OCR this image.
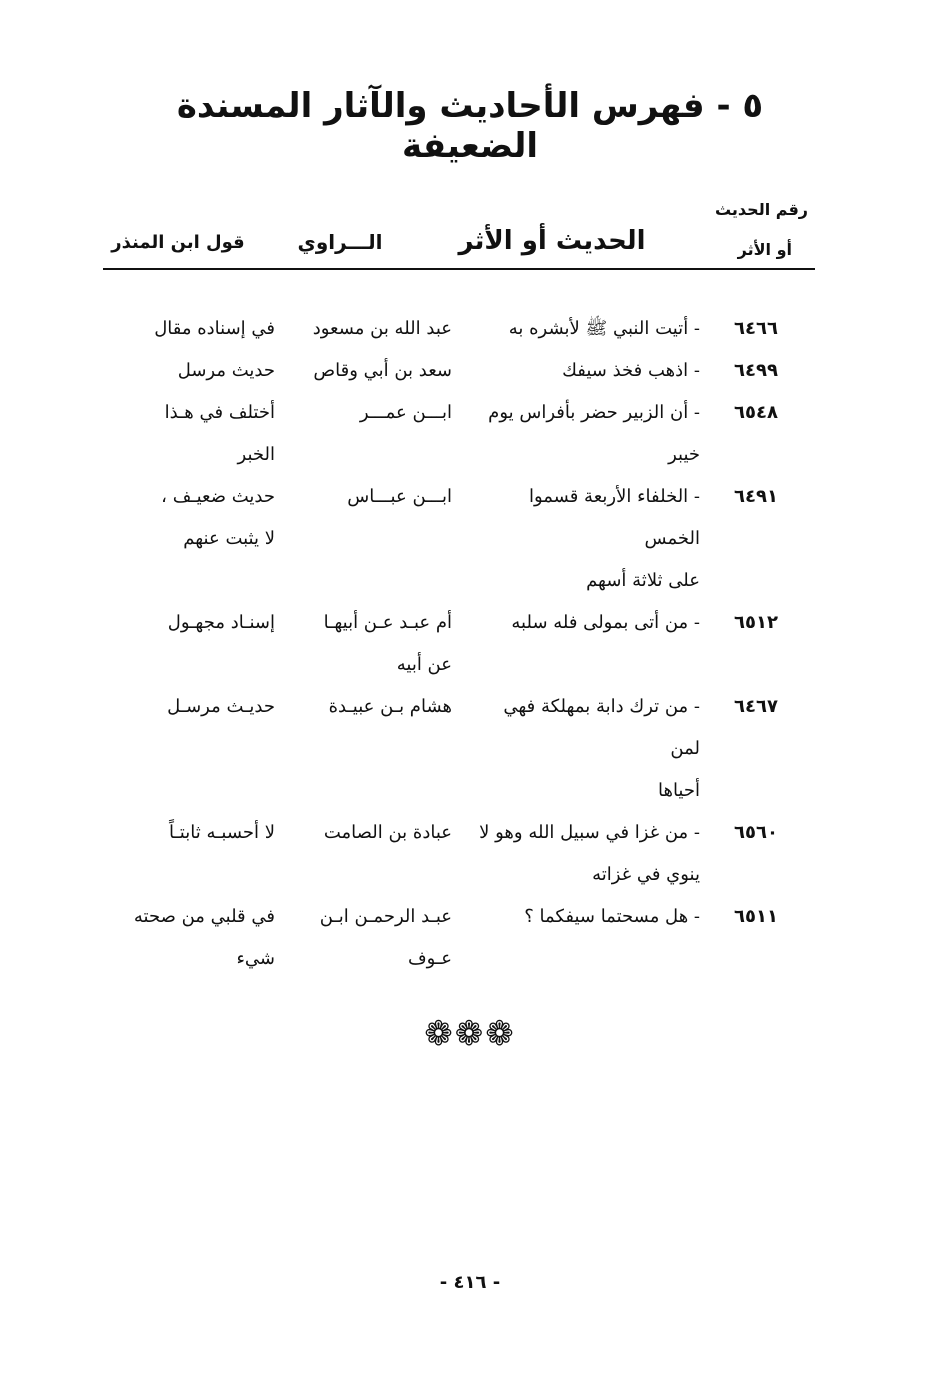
٥ - فهرس الأحاديث والآثار المسندة الضعيفة
رقم الحديث
أو الأثر
الحديث أو الأثر
الـــراوي
قول ابن المنذر
٦٤٦٦
- أتيت النبي ﷺ لأبشره به
عبد الله بن مسعود
في إسناده مقال
٦٤٩٩
- اذهب فخذ سيفك
سعد بن أبي وقاص
حديث مرسل
٦٥٤٨
- أن الزبير حضر بأفراس يوم
خيبر
ابـــن عمـــر
أختلف في هـذا
الخبر
٦٤٩١
- الخلفاء الأربعة قسموا الخمس
على ثلاثة أسهم
ابـــن عبـــاس
حديث ضعيـف ،
لا يثبت عنهم
٦٥١٢
- من أتى بمولى فله سلبه
أم عبـد عـن أبيهـا
عن أبيه
إسنـاد مجهـول
٦٤٦٧
- من ترك دابة بمهلكة فهي لمن
أحياها
هشام بـن عبيـدة
حديـث مرسـل
٦٥٦٠
- من غزا في سبيل الله وهو لا
ينوي في غزاته
عبادة بن الصامت
لا أحسبـه ثابتـاً
٦٥١١
- هل مسحتما سيفكما ؟
عبـد الرحمـن ابـن
عـوف
في قلبي من صحته
شيء
❁❁❁
- ٤١٦ -
